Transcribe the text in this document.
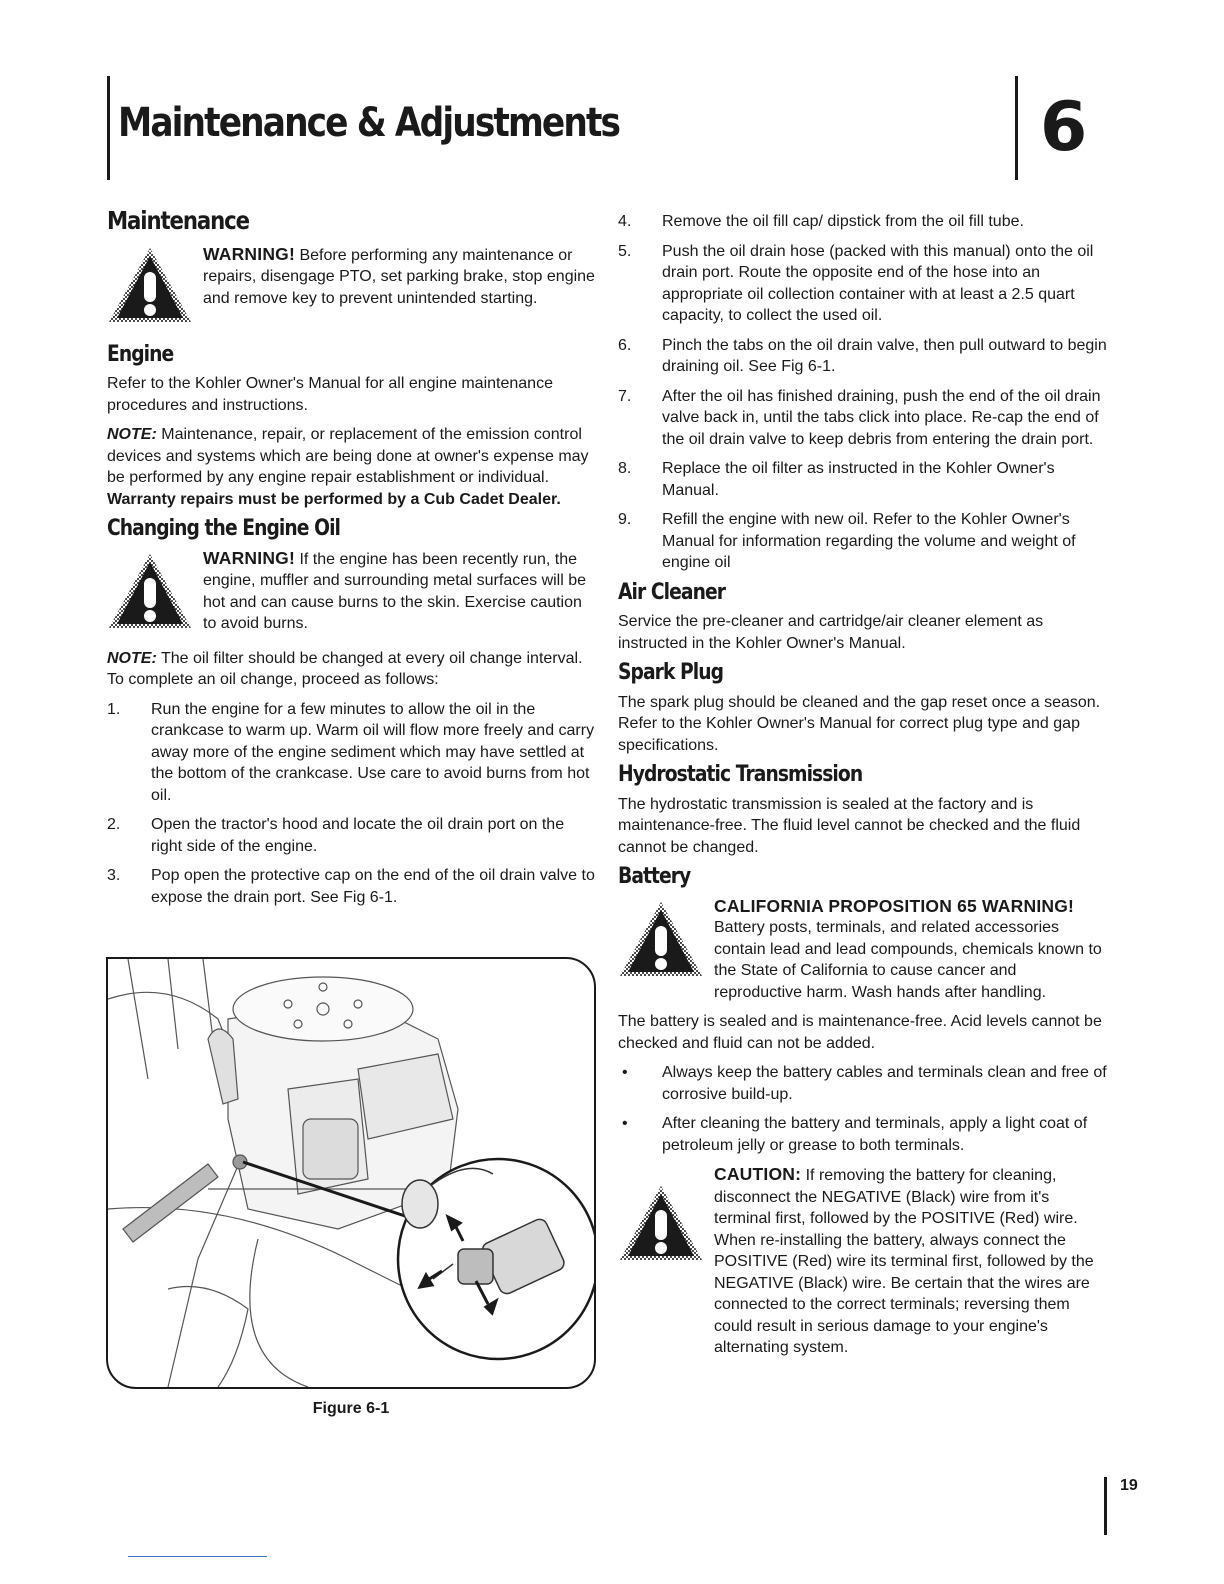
Maintenance & Adjustments	6
Maintenance
WARNING! Before performing any maintenance or repairs, disengage PTO, set parking brake, stop engine and remove key to prevent unintended starting.
Engine

Refer to the Kohler Owner's Manual for all engine maintenance procedures and instructions.

NOTE: Maintenance, repair, or replacement of the emission control devices and systems which are being done at owner's expense may be performed by any engine repair establishment or individual. Warranty repairs must be performed by a Cub Cadet Dealer.

Changing the Engine Oil
WARNING! If the engine has been recently run, the engine, muffler and surrounding metal surfaces will be hot and can cause burns to the skin. Exercise caution to avoid burns.

NOTE: The oil filter should be changed at every oil change interval. To complete an oil change, proceed as follows:

1. Run the engine for a few minutes to allow the oil in the crankcase to warm up. Warm oil will flow more freely and carry away more of the engine sediment which may have settled at the bottom of the crankcase. Use care to avoid burns from hot oil.
2. Open the tractor's hood and locate the oil drain port on the right side of the engine.
3. Pop open the protective cap on the end of the oil drain valve to expose the drain port. See Fig 6-1.
Figure 6-1
4. Remove the oil fill cap/ dipstick from the oil fill tube.
5. Push the oil drain hose (packed with this manual) onto the oil drain port. Route the opposite end of the hose into an appropriate oil collection container with at least a 2.5 quart capacity, to collect the used oil.
6. Pinch the tabs on the oil drain valve, then pull outward to begin draining oil. See Fig 6-1.
7. After the oil has finished draining, push the end of the oil drain valve back in, until the tabs click into place. Re-cap the end of the oil drain valve to keep debris from entering the drain port.
8. Replace the oil filter as instructed in the Kohler Owner's Manual.
9. Refill the engine with new oil. Refer to the Kohler Owner's Manual for information regarding the volume and weight of engine oil
Air Cleaner

Service the pre-cleaner and cartridge/air cleaner element as instructed in the Kohler Owner's Manual.

Spark Plug

The spark plug should be cleaned and the gap reset once a season. Refer to the Kohler Owner's Manual for correct plug type and gap specifications.

Hydrostatic Transmission

The hydrostatic transmission is sealed at the factory and is maintenance-free. The fluid level cannot be checked and the fluid cannot be changed.

Battery
CALIFORNIA PROPOSITION 65 WARNING!
Battery posts, terminals, and related accessories contain lead and lead compounds, chemicals known to the State of California to cause cancer and reproductive harm. Wash hands after handling.

The battery is sealed and is maintenance-free. Acid levels cannot be checked and fluid can not be added.

• Always keep the battery cables and terminals clean and free of corrosive build-up.
• After cleaning the battery and terminals, apply a light coat of petroleum jelly or grease to both terminals.
CAUTION: If removing the battery for cleaning, disconnect the NEGATIVE (Black) wire from it's terminal first, followed by the POSITIVE (Red) wire. When re-installing the battery, always connect the POSITIVE (Red) wire its terminal first, followed by the NEGATIVE (Black) wire. Be certain that the wires are connected to the correct terminals; reversing them could result in serious damage to your engine's alternating system.
19
